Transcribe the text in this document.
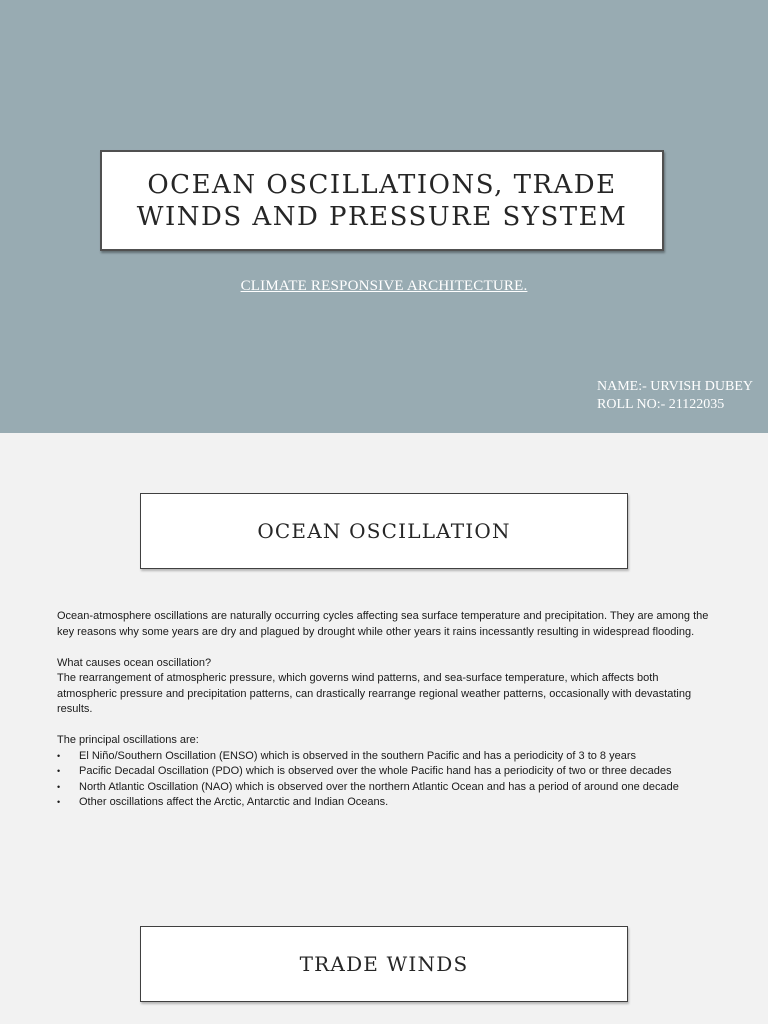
OCEAN OSCILLATIONS, TRADE WINDS AND PRESSURE SYSTEM
CLIMATE RESPONSIVE ARCHITECTURE.
NAME:- URVISH DUBEY
ROLL NO:- 21122035
OCEAN OSCILLATION

Ocean-atmosphere oscillations are naturally occurring cycles affecting sea surface temperature and precipitation. They are among the key reasons why some years are dry and plagued by drought while other years it rains incessantly resulting in widespread flooding.

What causes ocean oscillation?

The rearrangement of atmospheric pressure, which governs wind patterns, and sea-surface temperature, which affects both atmospheric pressure and precipitation patterns, can drastically rearrange regional weather patterns, occasionally with devastating results.

The principal oscillations are:

• El Niño/Southern Oscillation (ENSO) which is observed in the southern Pacific and has a periodicity of 3 to 8 years
• Pacific Decadal Oscillation (PDO) which is observed over the whole Pacific hand has a periodicity of two or three decades
• North Atlantic Oscillation (NAO) which is observed over the northern Atlantic Ocean and has a period of around one decade
• Other oscillations affect the Arctic, Antarctic and Indian Oceans.
TRADE WINDS
